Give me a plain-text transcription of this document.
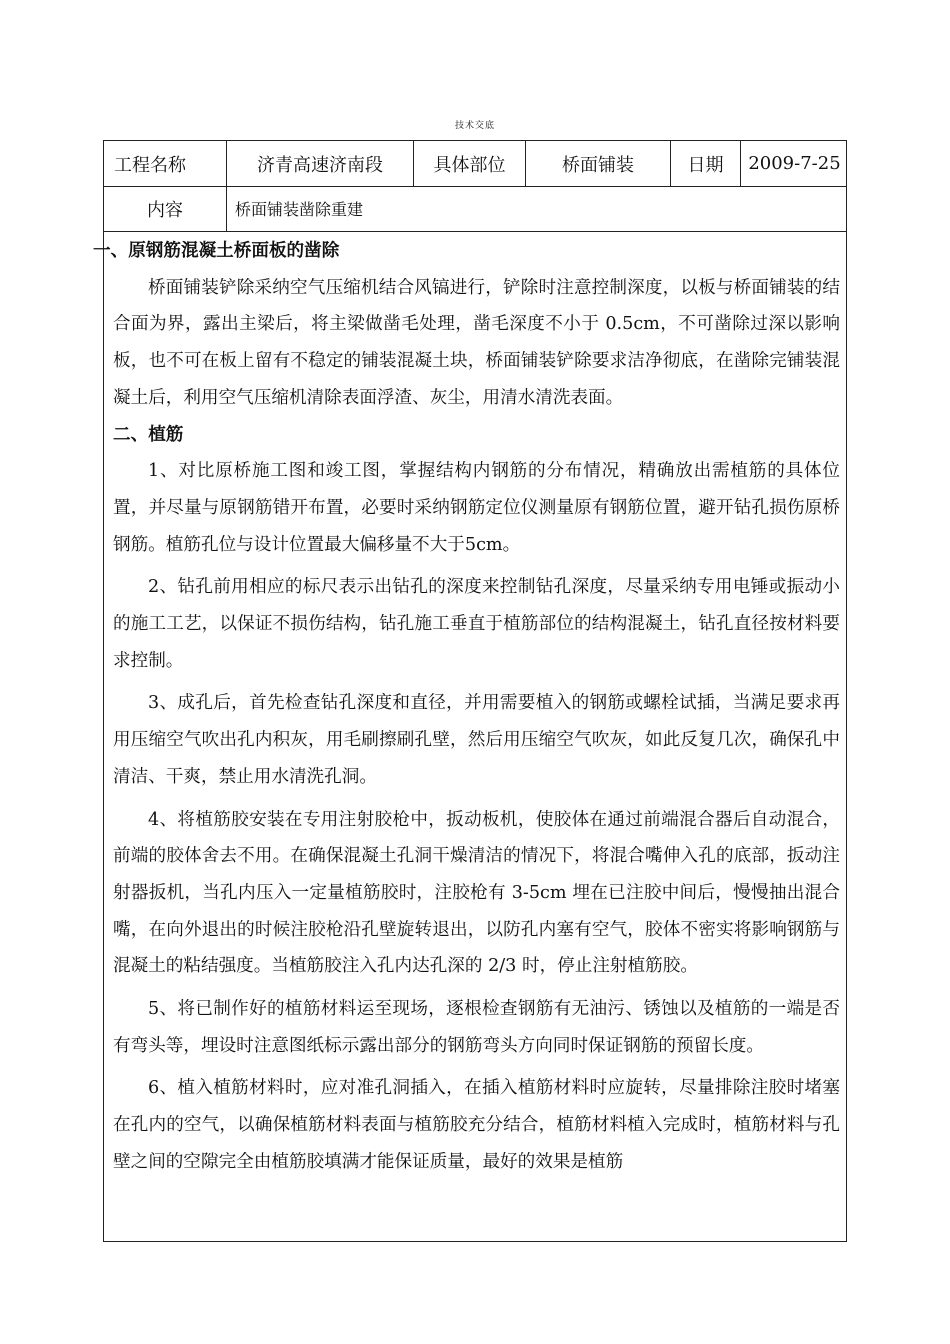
技术交底
工程名称	济青高速济南段	具体部位	桥面铺装	日期	2009-7-25
内容	桥面铺装凿除重建

一、原钢筋混凝土桥面板的凿除

桥面铺装铲除采纳空气压缩机结合风镐进行，铲除时注意控制深度，以板与桥面铺装的结合面为界，露出主梁后，将主梁做凿毛处理，凿毛深度不小于 0.5cm，不可凿除过深以影响板，也不可在板上留有不稳定的铺装混凝土块，桥面铺装铲除要求洁净彻底，在凿除完铺装混凝土后，利用空气压缩机清除表面浮渣、灰尘，用清水清洗表面。

二、植筋

1、对比原桥施工图和竣工图，掌握结构内钢筋的分布情况，精确放出需植筋的具体位置，并尽量与原钢筋错开布置，必要时采纳钢筋定位仪测量原有钢筋位置，避开钻孔损伤原桥钢筋。植筋孔位与设计位置最大偏移量不大于5cm。

2、钻孔前用相应的标尺表示出钻孔的深度来控制钻孔深度，尽量采纳专用电锤或振动小的施工工艺，以保证不损伤结构，钻孔施工垂直于植筋部位的结构混凝土，钻孔直径按材料要求控制。

3、成孔后，首先检查钻孔深度和直径，并用需要植入的钢筋或螺栓试插，当满足要求再用压缩空气吹出孔内积灰，用毛刷擦刷孔壁，然后用压缩空气吹灰，如此反复几次，确保孔中清洁、干爽，禁止用水清洗孔洞。

4、将植筋胶安装在专用注射胶枪中，扳动板机，使胶体在通过前端混合器后自动混合，前端的胶体舍去不用。在确保混凝土孔洞干燥清洁的情况下，将混合嘴伸入孔的底部，扳动注射器扳机，当孔内压入一定量植筋胶时，注胶枪有 3-5cm 埋在已注胶中间后，慢慢抽出混合嘴，在向外退出的时候注胶枪沿孔壁旋转退出，以防孔内塞有空气，胶体不密实将影响钢筋与混凝土的粘结强度。当植筋胶注入孔内达孔深的 2/3 时，停止注射植筋胶。

5、将已制作好的植筋材料运至现场，逐根检查钢筋有无油污、锈蚀以及植筋的一端是否有弯头等，埋设时注意图纸标示露出部分的钢筋弯头方向同时保证钢筋的预留长度。

6、植入植筋材料时，应对准孔洞插入，在插入植筋材料时应旋转，尽量排除注胶时堵塞在孔内的空气，以确保植筋材料表面与植筋胶充分结合，植筋材料植入完成时，植筋材料与孔壁之间的空隙完全由植筋胶填满才能保证质量，最好的效果是植筋
